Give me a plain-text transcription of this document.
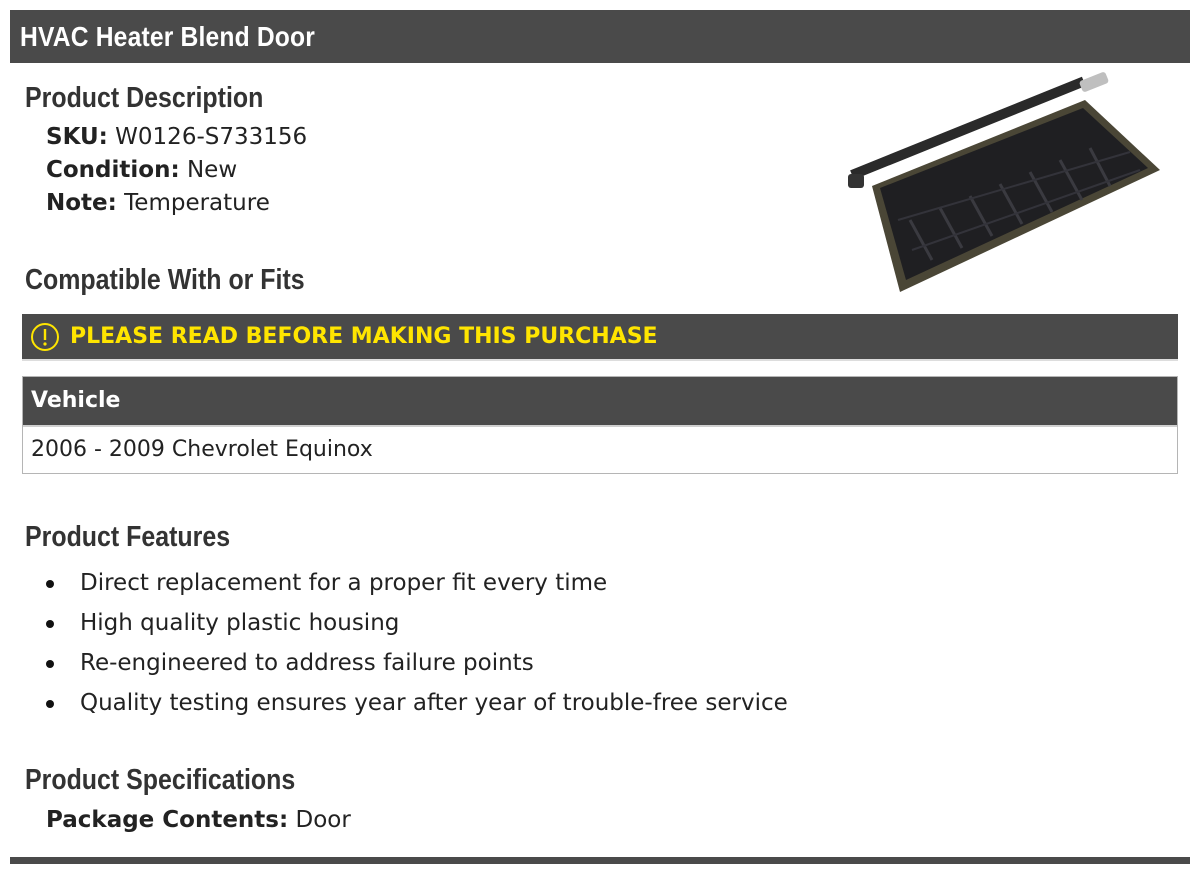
HVAC Heater Blend Door
Product Description
SKU: W0126-S733156
Condition: New
Note: Temperature
Compatible With or Fits
PLEASE READ BEFORE MAKING THIS PURCHASE
Vehicle
2006 - 2009 Chevrolet Equinox
Product Features
Direct replacement for a proper fit every time
High quality plastic housing
Re-engineered to address failure points
Quality testing ensures year after year of trouble-free service
Product Specifications
Package Contents: Door
